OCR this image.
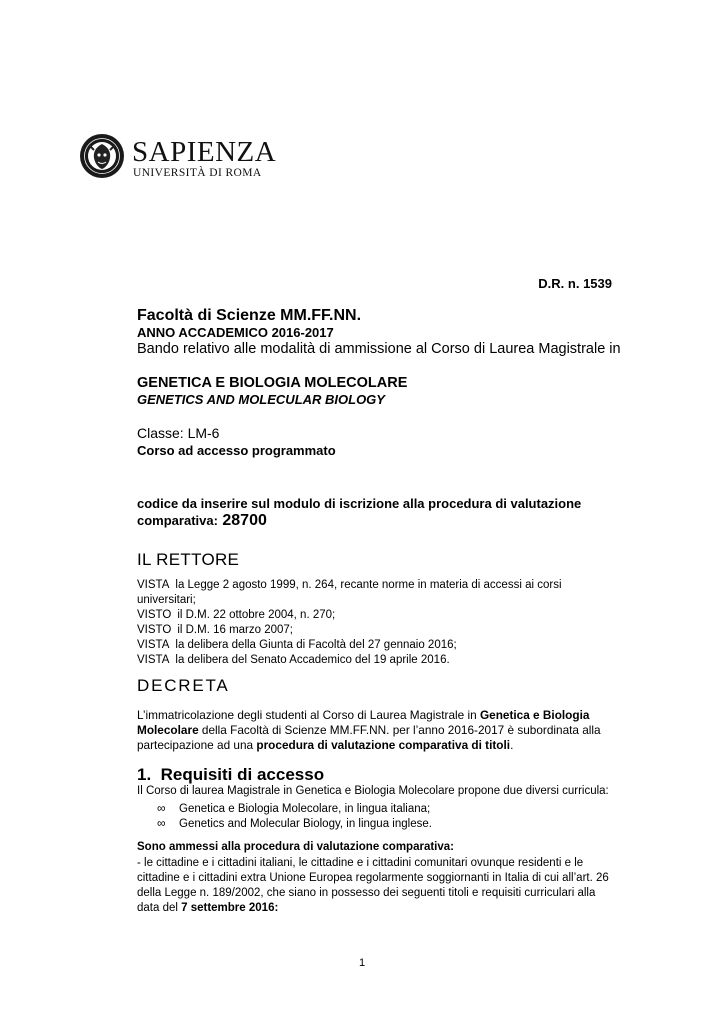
SAPIENZA
UNIVERSITÀ DI ROMA
D.R. n. 1539
Facoltà di Scienze MM.FF.NN.
ANNO ACCADEMICO 2016-2017
Bando relativo alle modalità di ammissione al Corso di Laurea Magistrale in
GENETICA E BIOLOGIA MOLECOLARE
GENETICS AND MOLECULAR BIOLOGY
Classe: LM-6
Corso ad accesso programmato
codice da inserire sul modulo di iscrizione alla procedura di valutazione
comparativa: 28700
IL RETTORE
VISTA la Legge 2 agosto 1999, n. 264, recante norme in materia di accessi ai corsi
universitari;
VISTO il D.M. 22 ottobre 2004, n. 270;
VISTO il D.M. 16 marzo 2007;
VISTA la delibera della Giunta di Facoltà del 27 gennaio 2016;
VISTA la delibera del Senato Accademico del 19 aprile 2016.
DECRETA
L’immatricolazione degli studenti al Corso di Laurea Magistrale in Genetica e Biologia
Molecolare della Facoltà di Scienze MM.FF.NN. per l’anno 2016-2017 è subordinata alla
partecipazione ad una procedura di valutazione comparativa di titoli.
1.  Requisiti di accesso
Il Corso di laurea Magistrale in Genetica e Biologia Molecolare propone due diversi curricula:
∞ Genetica e Biologia Molecolare, in lingua italiana;
∞ Genetics and Molecular Biology, in lingua inglese.
Sono ammessi alla procedura di valutazione comparativa:
- le cittadine e i cittadini italiani, le cittadine e i cittadini comunitari ovunque residenti e le
cittadine e i cittadini extra Unione Europea regolarmente soggiornanti in Italia di cui all’art. 26
della Legge n. 189/2002, che siano in possesso dei seguenti titoli e requisiti curriculari alla
data del 7 settembre 2016:
1
